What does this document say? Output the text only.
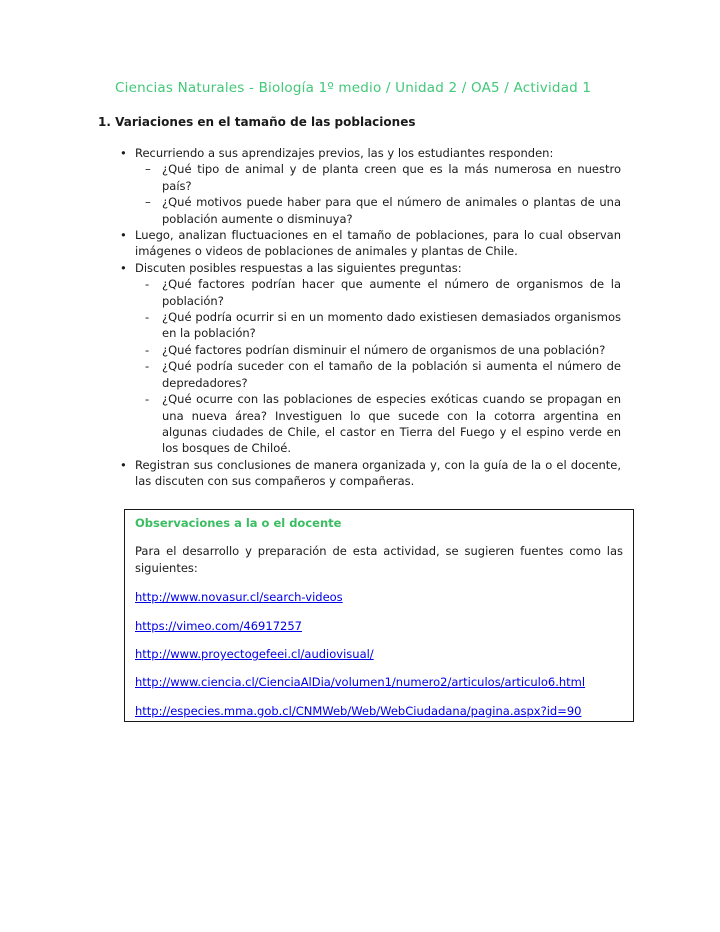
Ciencias Naturales - Biología 1º medio / Unidad 2 / OA5 / Actividad 1
1. Variaciones en el tamaño de las poblaciones
• Recurriendo a sus aprendizajes previos, las y los estudiantes responden:
– ¿Qué tipo de animal y de planta creen que es la más numerosa en nuestro país?
– ¿Qué motivos puede haber para que el número de animales o plantas de una población aumente o disminuya?
• Luego, analizan fluctuaciones en el tamaño de poblaciones, para lo cual observan imágenes o videos de poblaciones de animales y plantas de Chile.
• Discuten posibles respuestas a las siguientes preguntas:
-	¿Qué factores podrían hacer que aumente el número de organismos de la población?
-	¿Qué podría ocurrir si en un momento dado existiesen demasiados organismos en la población?
-	¿Qué factores podrían disminuir el número de organismos de una población?
-	¿Qué podría suceder con el tamaño de la población si aumenta el número de depredadores?
-	¿Qué ocurre con las poblaciones de especies exóticas cuando se propagan en una nueva área? Investiguen lo que sucede con la cotorra argentina en algunas ciudades de Chile, el castor en Tierra del Fuego y el espino verde en los bosques de Chiloé.
• Registran sus conclusiones de manera organizada y, con la guía de la o el docente, las discuten con sus compañeros y compañeras.
Observaciones a la o el docente
Para el desarrollo y preparación de esta actividad, se sugieren fuentes como las siguientes:
http://www.novasur.cl/search-videos
https://vimeo.com/46917257
http://www.proyectogefeei.cl/audiovisual/
http://www.ciencia.cl/CienciaAlDia/volumen1/numero2/articulos/articulo6.html
http://especies.mma.gob.cl/CNMWeb/Web/WebCiudadana/pagina.aspx?id=90
